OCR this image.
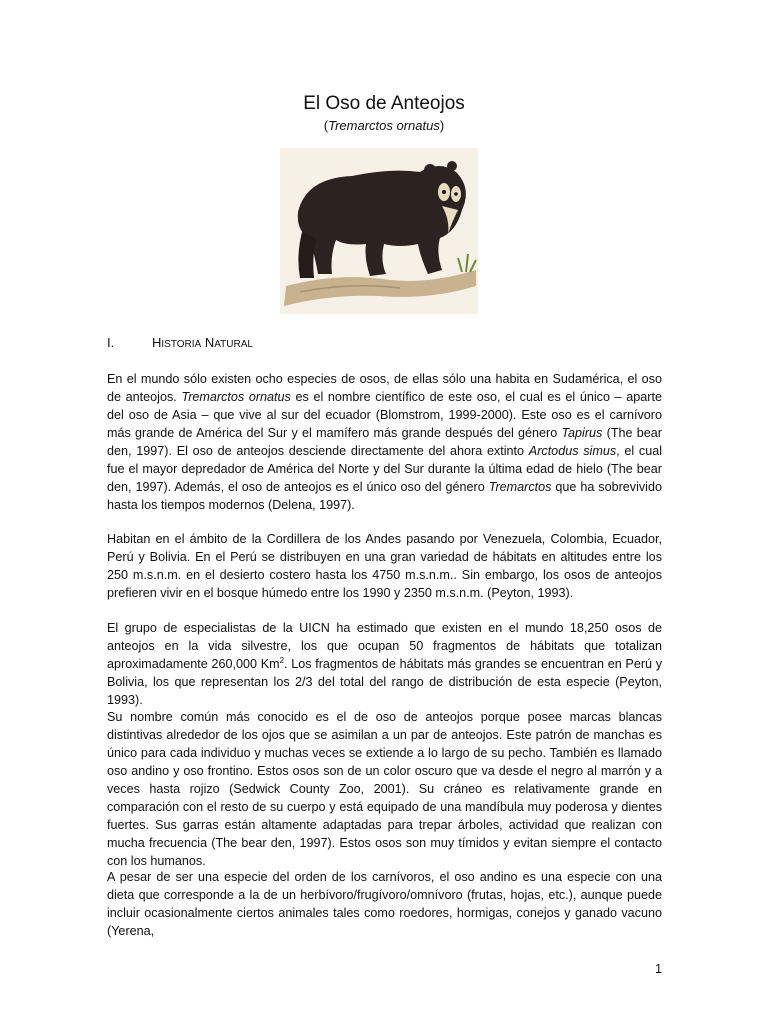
El Oso de Anteojos
(Tremarctos ornatus)
I.	HISTORIA NATURAL

En el mundo sólo existen ocho especies de osos, de ellas sólo una habita en Sudamérica, el oso de anteojos. Tremarctos ornatus es el nombre científico de este oso, el cual es el único – aparte del oso de Asia – que vive al sur del ecuador (Blomstrom, 1999-2000). Este oso es el carnívoro más grande de América del Sur y el mamífero más grande después del género Tapirus (The bear den, 1997). El oso de anteojos desciende directamente del ahora extinto Arctodus simus, el cual fue el mayor depredador de América del Norte y del Sur durante la última edad de hielo (The bear den, 1997). Además, el oso de anteojos es el único oso del género Tremarctos que ha sobrevivido hasta los tiempos modernos (Delena, 1997).

Habitan en el ámbito de la Cordillera de los Andes pasando por Venezuela, Colombia, Ecuador, Perú y Bolivia. En el Perú se distribuyen en una gran variedad de hábitats en altitudes entre los 250 m.s.n.m. en el desierto costero hasta los 4750 m.s.n.m.. Sin embargo, los osos de anteojos prefieren vivir en el bosque húmedo entre los 1990 y 2350 m.s.n.m. (Peyton, 1993).

El grupo de especialistas de la UICN ha estimado que existen en el mundo 18,250 osos de anteojos en la vida silvestre, los que ocupan 50 fragmentos de hábitats que totalizan aproximadamente 260,000 Km$^2$. Los fragmentos de hábitats más grandes se encuentran en Perú y Bolivia, los que representan los 2/3 del total del rango de distribución de esta especie (Peyton, 1993).

Su nombre común más conocido es el de oso de anteojos porque posee marcas blancas distintivas alrededor de los ojos que se asimilan a un par de anteojos. Este patrón de manchas es único para cada individuo y muchas veces se extiende a lo largo de su pecho. También es llamado oso andino y oso frontino. Estos osos son de un color oscuro que va desde el negro al marrón y a veces hasta rojizo (Sedwick County Zoo, 2001). Su cráneo es relativamente grande en comparación con el resto de su cuerpo y está equipado de una mandíbula muy poderosa y dientes fuertes. Sus garras están altamente adaptadas para trepar árboles, actividad que realizan con mucha frecuencia (The bear den, 1997). Estos osos son muy tímidos y evitan siempre el contacto con los humanos.

A pesar de ser una especie del orden de los carnívoros, el oso andino es una especie con una dieta que corresponde a la de un herbívoro/frugívoro/omnívoro (frutas, hojas, etc.), aunque puede incluir ocasionalmente ciertos animales tales como roedores, hormigas, conejos y ganado vacuno (Yerena,

1
